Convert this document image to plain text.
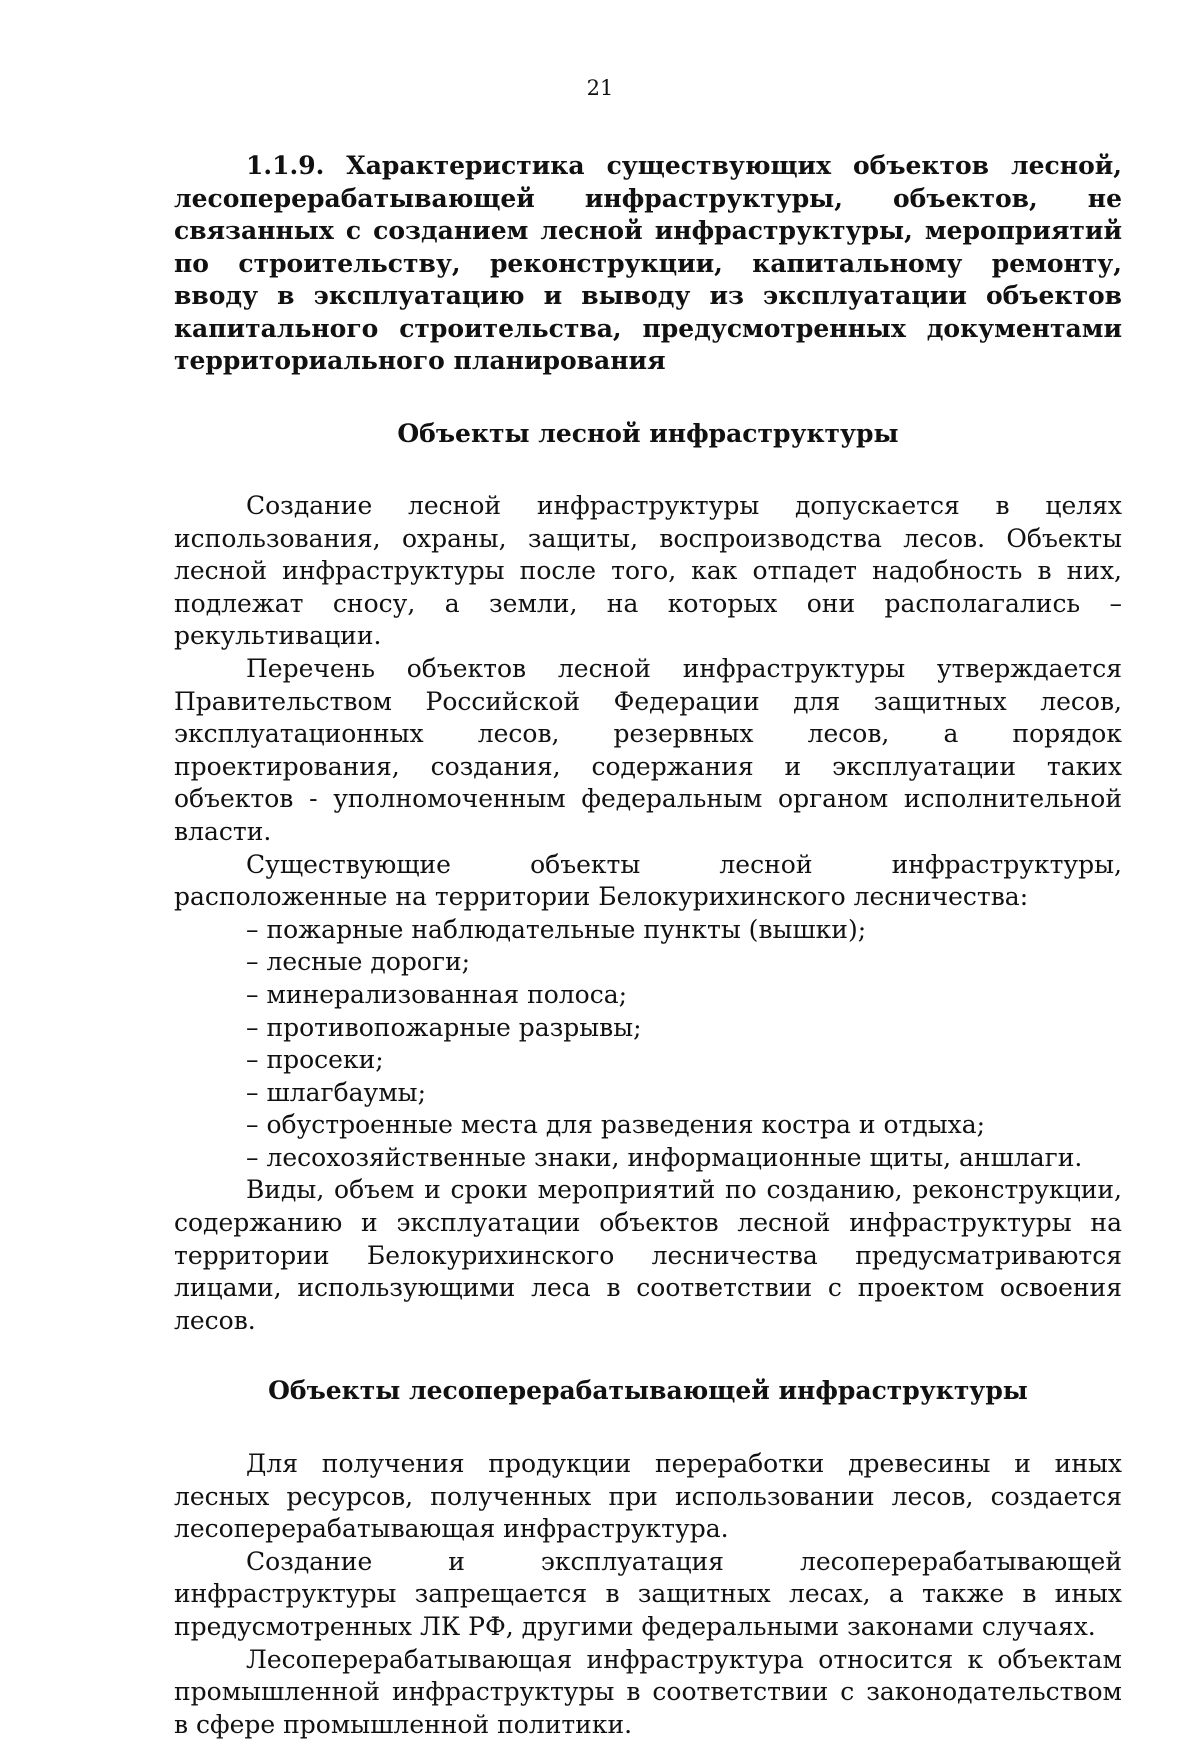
21

1.1.9. Характеристика существующих объектов лесной, лесоперерабатывающей инфраструктуры, объектов, не связанных с созданием лесной инфраструктуры, мероприятий по строительству, реконструкции, капитальному ремонту, вводу в эксплуатацию и выводу из эксплуатации объектов капитального строительства, предусмотренных документами территориального планирования

Объекты лесной инфраструктуры

Создание лесной инфраструктуры допускается в целях использования, охраны, защиты, воспроизводства лесов. Объекты лесной инфраструктуры после того, как отпадет надобность в них, подлежат сносу, а земли, на которых они располагались – рекультивации.

Перечень объектов лесной инфраструктуры утверждается Правительством Российской Федерации для защитных лесов, эксплуатационных лесов, резервных лесов, а порядок проектирования, создания, содержания и эксплуатации таких объектов - уполномоченным федеральным органом исполнительной власти.

Существующие объекты лесной инфраструктуры, расположенные на территории Белокурихинского лесничества:

– пожарные наблюдательные пункты (вышки);
– лесные дороги;
– минерализованная полоса;
– противопожарные разрывы;
– просеки;
– шлагбаумы;
– обустроенные места для разведения костра и отдыха;
– лесохозяйственные знаки, информационные щиты, аншлаги.

Виды, объем и сроки мероприятий по созданию, реконструкции, содержанию и эксплуатации объектов лесной инфраструктуры на территории Белокурихинского лесничества предусматриваются лицами, использующими леса в соответствии с проектом освоения лесов.

Объекты лесоперерабатывающей инфраструктуры

Для получения продукции переработки древесины и иных лесных ресурсов, полученных при использовании лесов, создается лесоперерабатывающая инфраструктура.

Создание и эксплуатация лесоперерабатывающей инфраструктуры запрещается в защитных лесах, а также в иных предусмотренных ЛК РФ, другими федеральными законами случаях.

Лесоперерабатывающая инфраструктура относится к объектам промышленной инфраструктуры в соответствии с законодательством в сфере промышленной политики.
